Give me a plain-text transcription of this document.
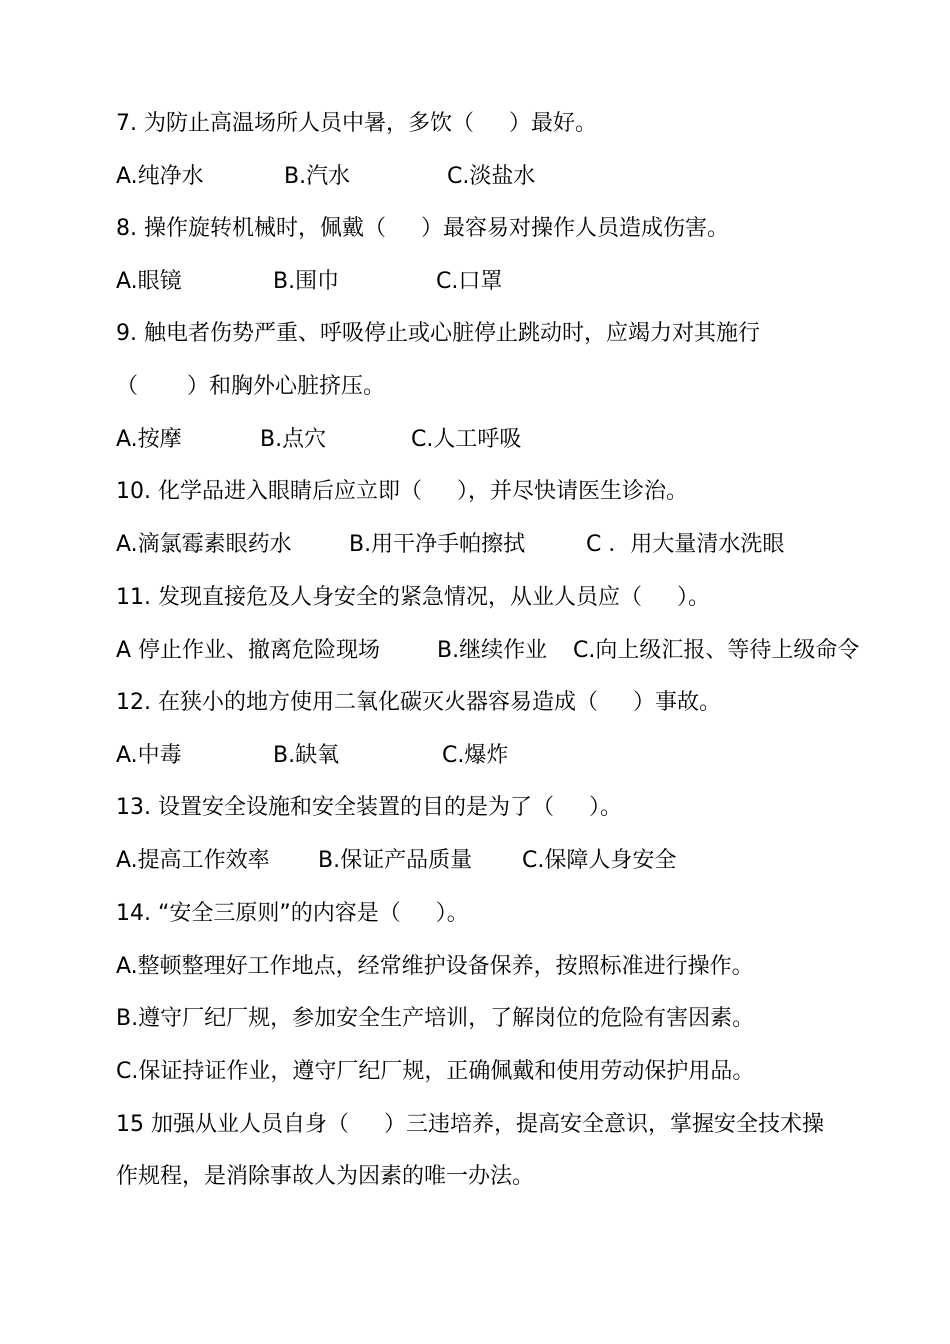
7. 为防止高温场所人员中暑，多饮（     ）最好。
A.纯净水	B.汽水	C.淡盐水
8. 操作旋转机械时，佩戴（     ）最容易对操作人员造成伤害。
A.眼镜	B.围巾	C.口罩
9. 触电者伤势严重、呼吸停止或心脏停止跳动时，应竭力对其施行
（       ）和胸外心脏挤压。
A.按摩	B.点穴	C.人工呼吸
10. 化学品进入眼睛后应立即（     ），并尽快请医生诊治。
A.滴氯霉素眼药水	B.用干净手帕擦拭	C ．用大量清水洗眼
11. 发现直接危及人身安全的紧急情况，从业人员应（     ）。
A 停止作业、撤离危险现场	B.继续作业 C.向上级汇报、等待上级命令
12. 在狭小的地方使用二氧化碳灭火器容易造成（     ）事故。
A.中毒	B.缺氧	C.爆炸
13. 设置安全设施和安全装置的目的是为了（     ）。
A.提高工作效率 B.保证产品质量 C.保障人身安全
14. “安全三原则”的内容是（     ）。
A.整顿整理好工作地点，经常维护设备保养，按照标准进行操作。
B.遵守厂纪厂规，参加安全生产培训，了解岗位的危险有害因素。
C.保证持证作业，遵守厂纪厂规，正确佩戴和使用劳动保护用品。
15 加强从业人员自身（     ）三违培养，提高安全意识，掌握安全技术操
作规程，是消除事故人为因素的唯一办法。
